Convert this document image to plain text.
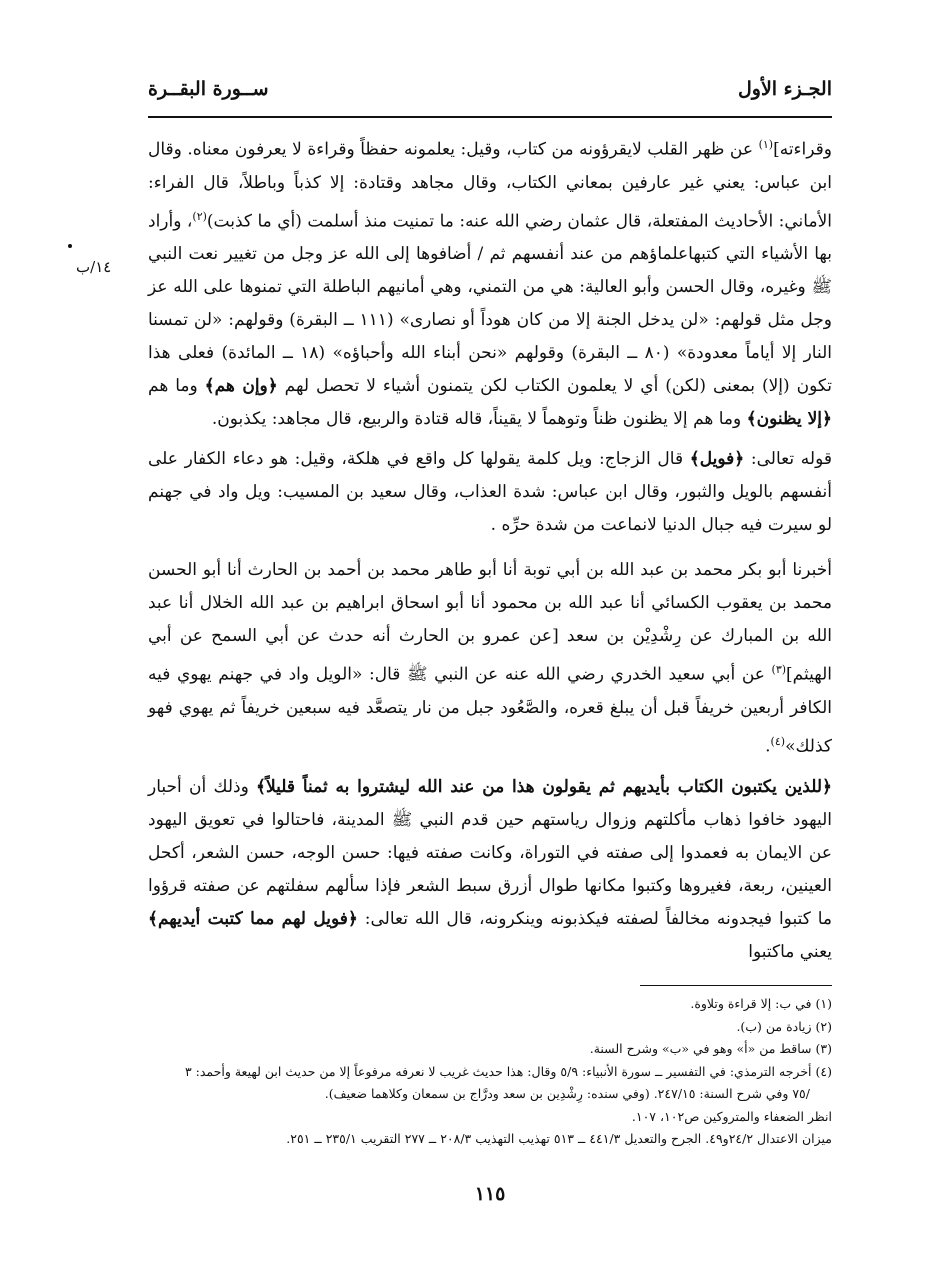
الجـزء الأول
ســورة البقــرة
١٤/ب

وقراءته]$^{(١)}$ عن ظهر القلب لايقرؤونه من كتاب، وقيل: يعلمونه حفظاً وقراءة لا يعرفون معناه. وقال ابن عباس: يعني غير عارفين بمعاني الكتاب، وقال مجاهد وقتادة: إلا كذباً وباطلاً، قال الفراء: الأماني: الأحاديث المفتعلة، قال عثمان رضي الله عنه: ما تمنيت منذ أسلمت (أي ما كذبت)$^{(٢)}$، وأراد بها الأشياء التي كتبهاعلماؤهم من عند أنفسهم ثم / أضافوها إلى الله عز وجل من تغيير نعت النبي ﷺ وغيره، وقال الحسن وأبو العالية: هي من التمني، وهي أمانيهم الباطلة التي تمنوها على الله عز وجل مثل قولهم: «لن يدخل الجنة إلا من كان هوداً أو نصارى» (١١١ ــ البقرة) وقولهم: «لن تمسنا النار إلا أياماً معدودة» (٨٠ ــ البقرة) وقولهم «نحن أبناء الله وأحباؤه» (١٨ ــ المائدة) فعلى هذا تكون (إلا) بمعنى (لكن) أي لا يعلمون الكتاب لكن يتمنون أشياء لا تحصل لهم ﴿وإن هم﴾ وما هم ﴿إلا يظنون﴾ وما هم إلا يظنون ظناً وتوهماً لا يقيناً، قاله قتادة والربيع، قال مجاهد: يكذبون.

قوله تعالى: ﴿فويل﴾ قال الزجاج: ويل كلمة يقولها كل واقع في هلكة، وقيل: هو دعاء الكفار على أنفسهم بالويل والثبور، وقال ابن عباس: شدة العذاب، وقال سعيد بن المسيب: ويل واد في جهنم لو سيرت فيه جبال الدنيا لانماعت من شدة حرِّه .

أخبرنا أبو بكر محمد بن عبد الله بن أبي توبة أنا أبو طاهر محمد بن أحمد بن الحارث أنا أبو الحسن محمد بن يعقوب الكسائي أنا عبد الله بن محمود أنا أبو اسحاق ابراهيم بن عبد الله الخلال أنا عبد الله بن المبارك عن رِشْدِيْن بن سعد [عن عمرو بن الحارث أنه حدث عن أبي السمح عن أبي الهيثم]$^{(٣)}$ عن أبي سعيد الخدري رضي الله عنه عن النبي ﷺ قال: «الويل واد في جهنم يهوي فيه الكافر أربعين خريفاً قبل أن يبلغ قعره، والصَّعُود جبل من نار يتصعَّد فيه سبعين خريفاً ثم يهوي فهو كذلك»$^{(٤)}$.

﴿للذين يكتبون الكتاب بأيديهم ثم يقولون هذا من عند الله ليشتروا به ثمناً قليلاً﴾ وذلك أن أحبار اليهود خافوا ذهاب مأكلتهم وزوال رياستهم حين قدم النبي ﷺ المدينة، فاحتالوا في تعويق اليهود عن الايمان به فعمدوا إلى صفته في التوراة، وكانت صفته فيها: حسن الوجه، حسن الشعر، أكحل العينين، ربعة، فغيروها وكتبوا مكانها طوال أزرق سبط الشعر فإذا سألهم سفلتهم عن صفته قرؤوا ما كتبوا فيجدونه مخالفاً لصفته فيكذبونه وينكرونه، قال الله تعالى: ﴿فويل لهم مما كتبت أيديهم﴾ يعني ماكتبوا

(١) في ب: إلا قراءة وتلاوة.

(٢) زيادة من (ب).

(٣) ساقط من «أ» وهو في «ب» وشرح السنة.

(٤) أخرجه الترمذي: في التفسير ــ سورة الأنبياء: ٥/٩ وقال: هذا حديث غريب لا نعرفه مرفوعاً إلا من حديث ابن لهيعة وأحمد: ٣

/٧٥ وفي شرح السنة: ٢٤٧/١٥. (وفي سنده: رِشْدِين بن سعد ودرَّاج بن سمعان وكلاهما ضعيف).

انظر الضعفاء والمتروكين ص١٠٢، ١٠٧.

ميزان الاعتدال ٢٤/٢و٤٩. الجرح والتعديل ٤٤١/٣ ــ ٥١٣ تهذيب التهذيب ٢٠٨/٣ ــ ٢٧٧ التقريب ٢٣٥/١ ــ ٢٥١.

١١٥
